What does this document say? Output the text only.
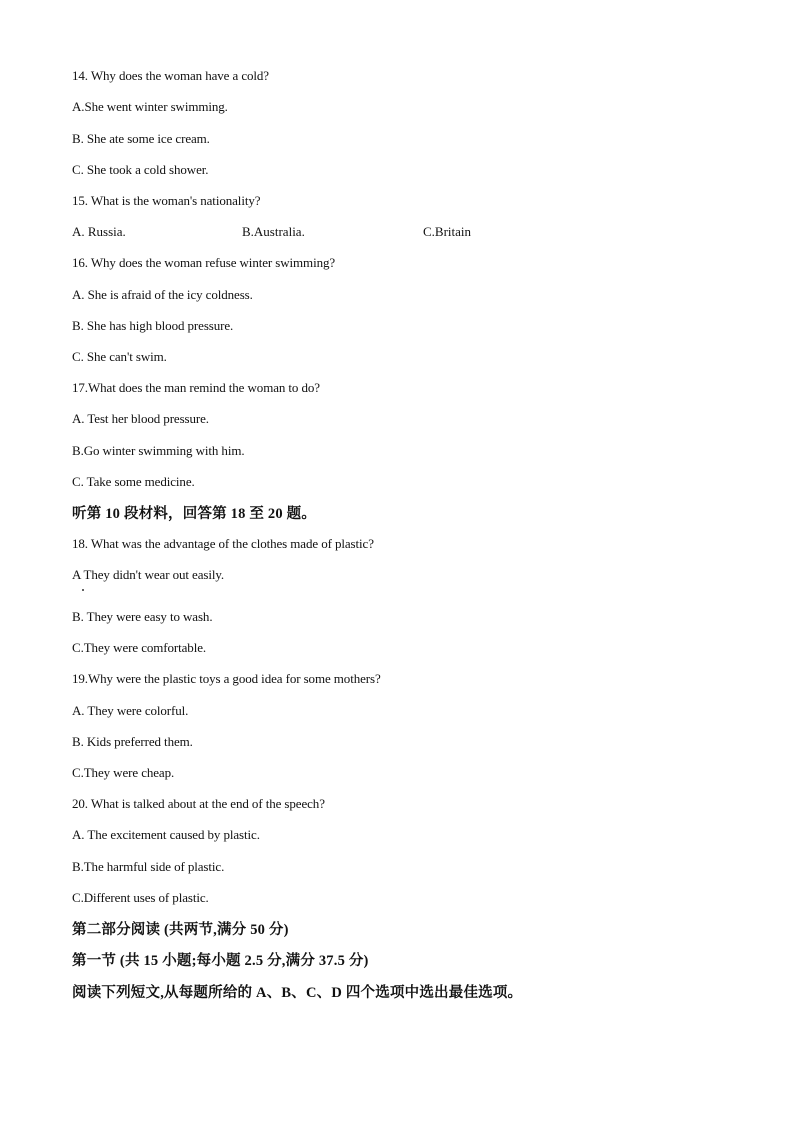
14. Why does the woman have a cold?
A.She went winter swimming.
B. She ate some ice cream.
C. She took a cold shower.
15. What is the woman's nationality?
A. Russia.	B.Australia.	C.Britain
16. Why does the woman refuse winter swimming?
A. She is afraid of the icy coldness.
B. She has high blood pressure.
C. She can't swim.
17.What does the man remind the woman to do?
A. Test her blood pressure.
B.Go winter swimming with him.
C. Take some medicine.
听第 10 段材料，回答第 18 至 20 题。
18. What was the advantage of the clothes made of plastic?
A They didn't wear out easily.
B. They were easy to wash.
C.They were comfortable.
19.Why were the plastic toys a good idea for some mothers?
A. They were colorful.
B. Kids preferred them.
C.They were cheap.
20. What is talked about at the end of the speech?
A. The excitement caused by plastic.
B.The harmful side of plastic.
C.Different uses of plastic.
第二部分阅读 (共两节,满分 50 分)
第一节 (共 15 小题;每小题 2.5 分,满分 37.5 分)
阅读下列短文,从每题所给的 A、B、C、D 四个选项中选出最佳选项。
